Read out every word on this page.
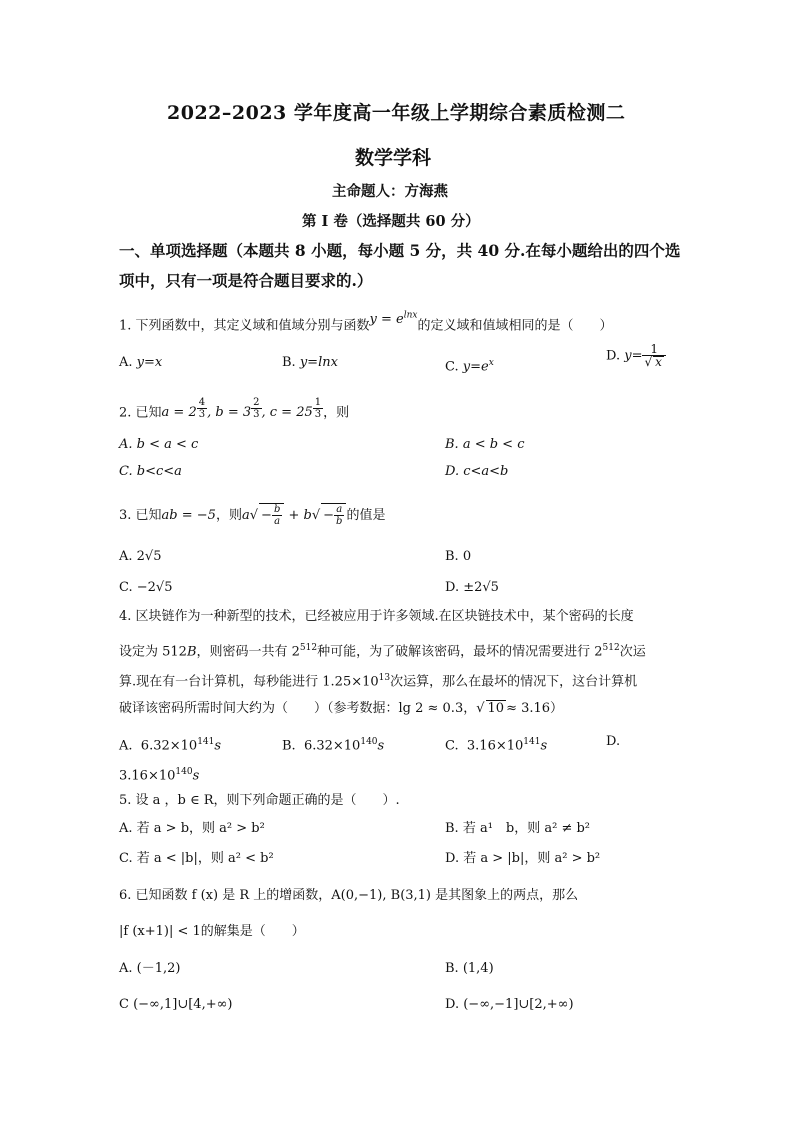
2022–2023 学年度高一年级上学期综合素质检测二
数学学科
主命题人：方海燕
第 I 卷（选择题共 60 分）
一、单项选择题（本题共 8 小题，每小题 5 分，共 40 分.在每小题给出的四个选
项中，只有一项是符合题目要求的.）
1. 下列函数中，其定义域和值域分别与函数$y = e^{lnx}$的定义域和值域相同的是（　　）
A. y=x	B. y=lnx	C. $y=e^x$	D. $y= \frac{1}{√ x}$
2. 已知a = 2 $^{\frac{4}{3}}$ , b = 3 $^{\frac{2}{3}}$ , c = 25 $^{\frac{1}{3}}$ ，则
A. b < a < c	B. a < b < c
C. b<c<a	D. c<a<b
3. 已知ab = −5，则$a√ - \frac{b}{a} + b√ - \frac{a}{b}$ 的值是
A. 2√5	B. 0
C. −2√5	D. ±2√5
4. 区块链作为一种新型的技术，已经被应用于许多领域.在区块链技术中，某个密码的长度
设定为 512B，则密码一共有 $2^{512}$种可能，为了破解该密码，最坏的情况需要进行 $2^{512}$次运
算.现在有一台计算机，每秒能进行 $1.25\times 10^{13}$次运算，那么在最坏的情况下，这台计算机
破译该密码所需时间大约为（　　）（参考数据：lg 2 ≈ 0.3，√ 10 ≈ 3.16）
A. $6.32\times 10^{141}s$	B. $6.32\times 10^{140}s$	C. $3.16\times 10^{141}s$	D.
$3.16\times 10^{140}s$
5. 设 a ，b ∈ R，则下列命题正确的是（　　）.
A. 若 a > b，则 a² > b²	B. 若 a¹　b，则 a² ≠ b²
C. 若 a < |b|，则 a² < b²	D. 若 a > |b|，则 a² > b²
6. 已知函数 f (x) 是 R 上的增函数，A(0,−1), B(3,1) 是其图象上的两点，那么
|f (x+1)| < 1的解集是（　　）
A. (－1,2)	B. (1,4)
C (−∞,1]∪[4,+∞)	D. (−∞,−1]∪[2,+∞)
